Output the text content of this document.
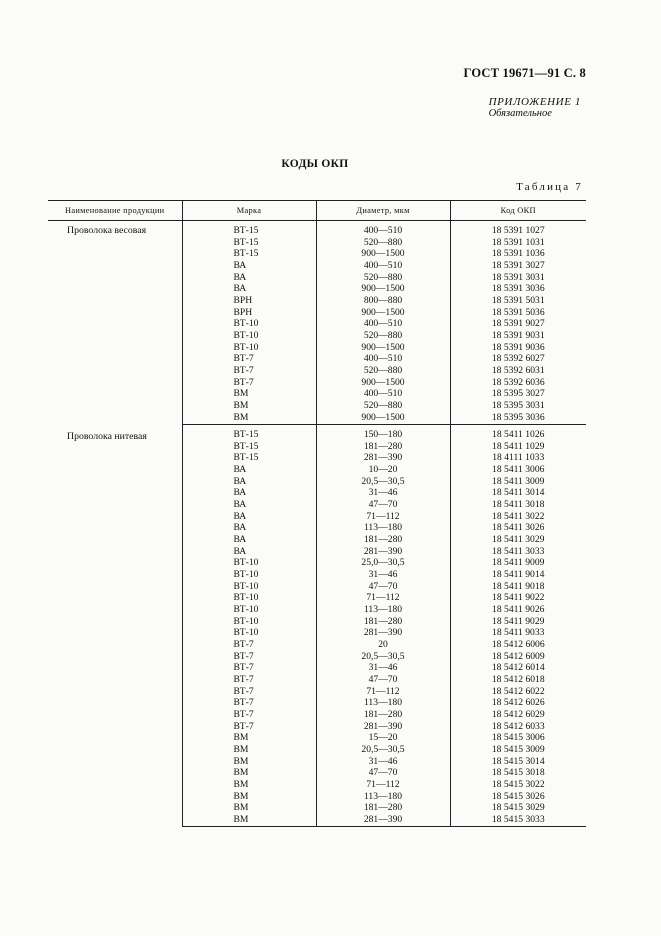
ГОСТ 19671—91 С. 8
ПРИЛОЖЕНИЕ 1
Обязательное
КОДЫ ОКП
Таблица 7
Наименование продукции	Марка	Диаметр, мкм	Код ОКП
Проволока весовая	ВТ-15	400—510	18 5391 1027
	ВТ-15	520—880	18 5391 1031
	ВТ-15	900—1500	18 5391 1036
	ВА	400—510	18 5391 3027
	ВА	520—880	18 5391 3031
	ВА	900—1500	18 5391 3036
	ВРН	800—880	18 5391 5031
	ВРН	900—1500	18 5391 5036
	ВТ-10	400—510	18 5391 9027
	ВТ-10	520—880	18 5391 9031
	ВТ-10	900—1500	18 5391 9036
	ВТ-7	400—510	18 5392 6027
	ВТ-7	520—880	18 5392 6031
	ВТ-7	900—1500	18 5392 6036
	ВМ	400—510	18 5395 3027
	ВМ	520—880	18 5395 3031
	ВМ	900—1500	18 5395 3036
Проволока нитевая	ВТ-15	150—180	18 5411 1026
	ВТ-15	181—280	18 5411 1029
	ВТ-15	281—390	18 4111 1033
	ВА	10—20	18 5411 3006
	ВА	20,5—30,5	18 5411 3009
	ВА	31—46	18 5411 3014
	ВА	47—70	18 5411 3018
	ВА	71—112	18 5411 3022
	ВА	113—180	18 5411 3026
	ВА	181—280	18 5411 3029
	ВА	281—390	18 5411 3033
	ВТ-10	25,0—30,5	18 5411 9009
	ВТ-10	31—46	18 5411 9014
	ВТ-10	47—70	18 5411 9018
	ВТ-10	71—112	18 5411 9022
	ВТ-10	113—180	18 5411 9026
	ВТ-10	181—280	18 5411 9029
	ВТ-10	281—390	18 5411 9033
	ВТ-7	20	18 5412 6006
	ВТ-7	20,5—30,5	18 5412 6009
	ВТ-7	31—46	18 5412 6014
	ВТ-7	47—70	18 5412 6018
	ВТ-7	71—112	18 5412 6022
	ВТ-7	113—180	18 5412 6026
	ВТ-7	181—280	18 5412 6029
	ВТ-7	281—390	18 5412 6033
	ВМ	15—20	18 5415 3006
	ВМ	20,5—30,5	18 5415 3009
	ВМ	31—46	18 5415 3014
	ВМ	47—70	18 5415 3018
	ВМ	71—112	18 5415 3022
	ВМ	113—180	18 5415 3026
	ВМ	181—280	18 5415 3029
	ВМ	281—390	18 5415 3033
